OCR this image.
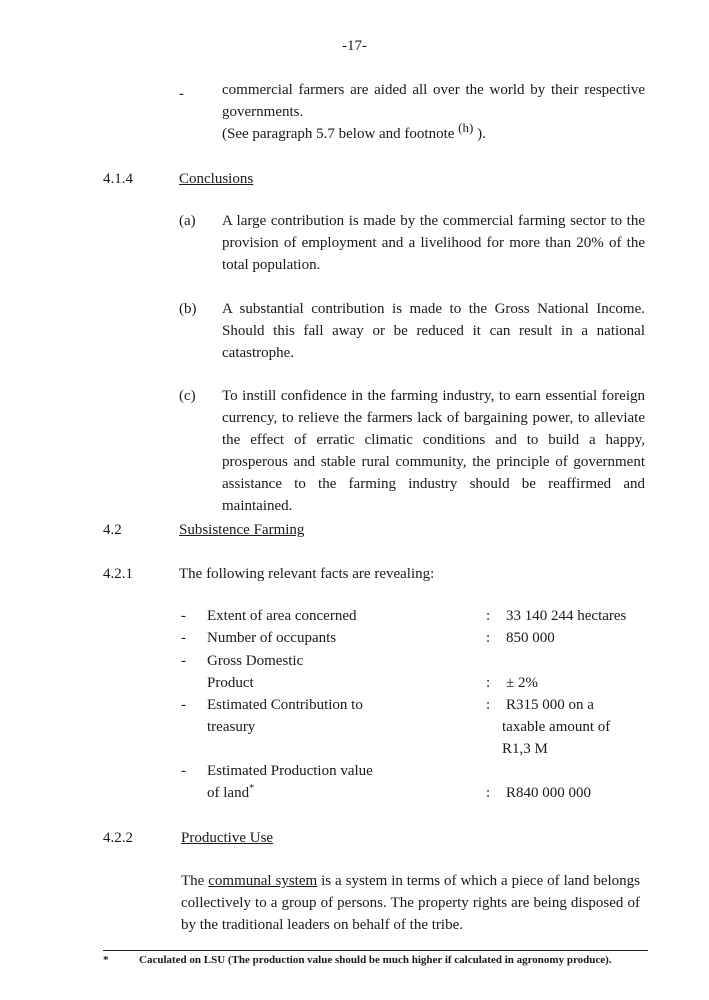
-17-
-	commercial farmers are aided all over the world by their respective governments.
(See paragraph 5.7 below and footnote $^{(h)}$ ).
4.1.4	Conclusions
(a) A large contribution is made by the commercial farming sector to the provision of employment and a livelihood for more than 20% of the total population.
(b) A substantial contribution is made to the Gross National Income. Should this fall away or be reduced it can result in a national catastrophe.
(c) To instill confidence in the farming industry, to earn essential foreign currency, to relieve the farmers lack of bargaining power, to alleviate the effect of erratic climatic conditions and to build a happy, prosperous and stable rural community, the principle of government assistance to the farming industry should be reaffirmed and maintained.
4.2	Subsistence Farming
4.2.1	The following relevant facts are revealing:
- Extent of area concerned	: 33 140 244 hectares
- Number of occupants	: 850 000
- Gross Domestic
Product	: ± 2%
- Estimated Contribution to
treasury
: R315 000 on a
taxable amount of
R1,3 M
- Estimated Production value
of land*	: R840 000 000
4.2.2	Productive Use
The communal system is a system in terms of which a piece of land belongs collectively to a group of persons. The property rights are being disposed of by the traditional leaders on behalf of the tribe.
*	Caculated on LSU (The production value should be much higher if calculated in agronomy produce).
